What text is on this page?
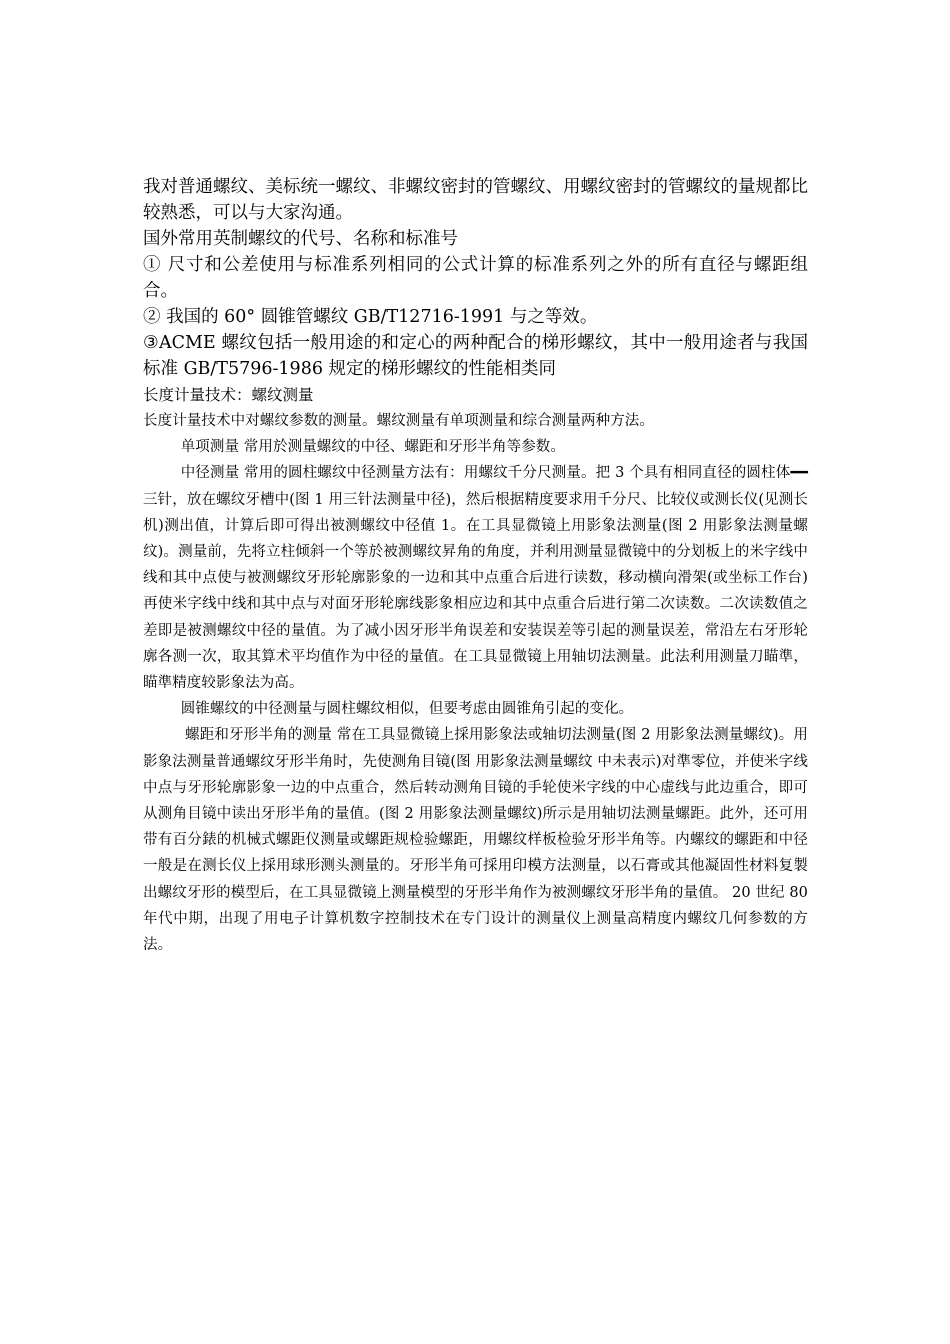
我对普通螺纹、美标统一螺纹、非螺纹密封的管螺纹、用螺纹密封的管螺纹的量规都比较熟悉，可以与大家沟通。

国外常用英制螺纹的代号、名称和标准号

① 尺寸和公差使用与标准系列相同的公式计算的标准系列之外的所有直径与螺距组合。

② 我国的 60° 圆锥管螺纹 GB/T12716-1991 与之等效。

③ACME 螺纹包括一般用途的和定心的两种配合的梯形螺纹，其中一般用途者与我国标准 GB/T5796-1986 规定的梯形螺纹的性能相类同

长度计量技术：螺纹测量

长度计量技术中对螺纹参数的测量。螺纹测量有单项测量和综合测量两种方法。

单项测量 常用於测量螺纹的中径、螺距和牙形半角等参数。

中径测量 常用的圆柱螺纹中径测量方法有：用螺纹千分尺测量。把 3 个具有相同直径的圆柱体━━三针，放在螺纹牙槽中(图 1 用三针法测量中径)，然后根据精度要求用千分尺、比较仪或测长仪(见测长机)测出值，计算后即可得出被测螺纹中径值 1。在工具显微镜上用影象法测量(图 2 用影象法测量螺纹)。测量前，先将立柱倾斜一个等於被测螺纹昇角的角度，并利用测量显微镜中的分划板上的米字线中线和其中点使与被测螺纹牙形轮廓影象的一边和其中点重合后进行读数，移动横向滑架(或坐标工作台)再使米字线中线和其中点与对面牙形轮廓线影象相应边和其中点重合后进行第二次读数。二次读数值之差即是被测螺纹中径的量值。为了减小因牙形半角误差和安装误差等引起的测量误差，常沿左右牙形轮廓各测一次，取其算术平均值作为中径的量值。在工具显微镜上用轴切法测量。此法利用测量刀瞄準，瞄準精度较影象法为高。

圆锥螺纹的中径测量与圆柱螺纹相似，但要考虑由圆锥角引起的变化。

螺距和牙形半角的测量 常在工具显微镜上採用影象法或轴切法测量(图 2 用影象法测量螺纹)。用影象法测量普通螺纹牙形半角时，先使测角目镜(图 用影象法测量螺纹 中未表示)对準零位，并使米字线中点与牙形轮廓影象一边的中点重合，然后转动测角目镜的手轮使米字线的中心虚线与此边重合，即可从测角目镜中读出牙形半角的量值。(图 2 用影象法测量螺纹)所示是用轴切法测量螺距。此外，还可用带有百分錶的机械式螺距仪测量或螺距规检验螺距，用螺纹样板检验牙形半角等。内螺纹的螺距和中径一般是在测长仪上採用球形测头测量的。牙形半角可採用印模方法测量，以石膏或其他凝固性材料复製出螺纹牙形的模型后，在工具显微镜上测量模型的牙形半角作为被测螺纹牙形半角的量值。 20 世纪 80 年代中期，出现了用电子计算机数字控制技术在专门设计的测量仪上测量高精度内螺纹几何参数的方法。
